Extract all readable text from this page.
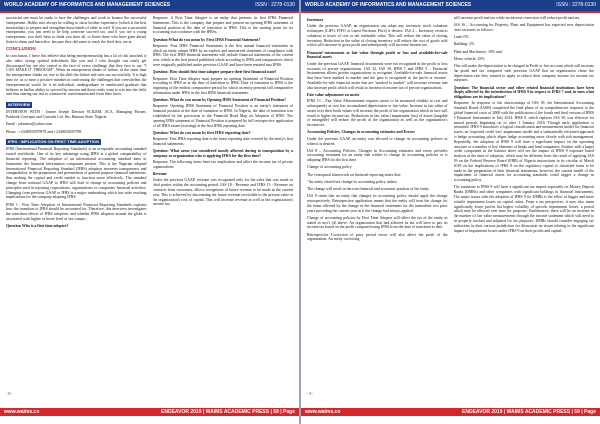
WORLD ACADEMY OF INFORMATICS AND MANAGEMENT SCIENCES	ISSN : 2278-0130

successful one must be ready to face the challenges and work to bounce the successful entrepreneur. Hobbs nice always be willing to show brother experience (which is the best mentorship) to prepare and strengthen those hands of other as well. If you are a successful entrepreneur, you just need to be help someone succeed too, and if you are a young entrepreneur, you don't have to think you have all, or listen those who have gone ahead, listen to them and learn also. because they did same to reach the level they are at.

CONCLUSION

In conclusion, I leave this believe that being entrepreneurship has a lot of risk attached, it also takes strong spirited individuals like you and I who thought can easily get discouraged but are also vested in the face of every challenge that they face to say "I CAN MAKE IT THROUGH". When an entrepreneur thinks of failure, at the same time the entrepreneur thinks on, rise to the shift the failure and ones out successfully. It is high time for us to have a positive mindset in confronting the challenges that overwhelms the entrepreneurial world, be it an individual, undergraduate or uneducated graduate that believes in his/her ability to succeed by tension and those ready want to win into the field, and thus sharing our test to whatsoever conformation and from their faces.

INTERVIEW

INTERVIEW WITH : Jonnie Joseph Dawson SCILRM, ACA, Managing Partner, Pratheek Concepts and Consults Ltd, Ibo, Haiman State, Nigeria

Email : johnnies@yahoo.com

Phone : +2348033079979 and +2348033819798

IFRS : IMPLICATION ON FIRST TIME ADOPTION

IFRS (International Financial Reporting Standards) is an acceptable accounting standard issued worldwide. One of its key advantage using IFRS is a global comparability of financial reporting. The adoption of an international accounting standard aims to harmonise the financial information companies present. This is the Nigerian adopted International Financial Reporting Standard (IFRS) adoption increases transparency and comparability in the preparation and presentation of general purpose financial statements, thus making the capital and credit market to function more effectively. The standard change from national GAAP to IFRS will lead to change in accounting policies and principles used in reporting corporations, organizations or companies' financial activities. Changing from previous GAAP to IFRS is a major undertaking which has wide reaching implications for the company adopting IFRS.

IFRS 1 : First Time Adoption of International Financial Reporting Standards explains how the transition to IFRS should be accounted for. Therefore, this interview investigates the transition effects of IFRS adoption, and whether IFRS adoption around the globe is associated with higher or lower level of tax compa...

Question Who is a first time adopter?

Response: A First Time Adopter is an entity that presents its first IFRS Financial Statements. This is the company that prepare and present an opening IFRS statement of financial position at the date of transition to IFRS. This is the starting point for its accounting in accordance with the IFRSs.

Question:What do you mean by First IFRS Financial Statement?

Response: First IFRS Financial Statements is the first annual financial statements in which an entity adopts IFRS by an explicit and unreserved statement of compliance with IFRS. The first IFRS financial statements will include financial statements of the current year, which is the first period published whole according to IFRS and comparatives which were originally published under previous GAAP, and have been restated into IFRS.

Question: How should first time adopter prepare their first financial state?

Response: First Time Adopter must prepare an opening Statement of Financial Position according to IFRS as at the date of transition to IFRS. Date of transition to IFRS is the beginning of the earliest comparative period for which an entity presents full comparative information under IFRS in the first IFRS financial statements.

Question: What do you mean by Opening IFRS Statement of Financial Position?

Response: Opening IFRS Statement of Financial Position is an entity's statement of financial position at the date of transition to IFRS. In Nigeria, the date of transition was established by the provisions to the Financial Road Map on Adoption of IFRS. The opening IFRS statement of Financial Position is prepared by full retrospective application of all IFRS extant (existing) at the first IFRS reporting date.

Question: What do you mean by first IFRS reporting date?

Response: First IFRS reporting date is the latest reporting date covered by the entity's first financial statements.

Question: What areas you considered mostly affected during to transposition by a company or organization who is applying IFRS for the first time?

Response: The following items have tax implication and affect the income tax of private organizations.

Revenue

Under the previous GAAP, revenue was recognized only for the sales that was made to third parties within the accounting period. IAS 18 - Revenue and IFRS 15 - Revenue on contracts from customers, allows recognition of future revenue to be made in the current year. This is achieved by discounting the future revenue receivable to the present value at the organization's cost of capital. This will increase revenue as well as the organization's income tax.

- 8 -
www.waims.co	ENDEAVOR 2019 | WAIMS ACADEMIC PRESS | 58 | Page
WORLD ACADEMY OF INFORMATICS AND MANAGEMENT SCIENCES	ISSN : 2278-0130

Inventory

Under the previous GAAP, an organization can adopt any inventory stock valuation techniques (LIFO, FIFO or Latest Purchase Price) it desires. IAS 2 – Inventory restricts valuation to lower of cost or net realizable value. This will reduce the value of closing inventory. Reduction in the value of closing inventory will reduce the cost of goods sold which will increase in gross profit and subsequently will increase income tax.

Financial instruments at fair value through profit or loss and available-for-sale financial assets

Under the previous GAAP, financial instruments were not recognized in the profit or loss accounts of private organizations. IAS 32, IAS 39, IFRS 7 and IFRS 9 – Financial Instruments allows private organizations to recognize 'Available-for-sale financial assets that have been marked to market and the gain is recognized in the profit or income'. Available-for-sale financial assets that are "marked to market" will increase revenue and also increase profit which will result to increase in income tax of private organizations.

Fair value adjustment on assets

IFRS 13 – Fair Value Measurement requires assets to be measured reliably at cost and subsequently at cost less accumulated depreciation or fair value. Increase in fair value of assets over their book values will increase the profit of the organization which in turn will result to higher income tax. Reductions in fair value (impairment loss) of assets (tangible or intangible) will reduce the profit of the organization as well as the organization's income tax.

Accounting Policies, Changes in accounting estimates and Errors

Under the previous GAAP, an entity was allowed to change its accounting policies as when it is desired.

IAS 8 – Accounting Policies, Changes in Accounting estimates and errors provides accounting treatment for an entity that wishes to change its accounting policies or is adopting IFRS for the first time.

Change of accounting policy

The conceptual framework on financial reporting states that:

"An entity should not change its accounting policy unless:

The change will result in the true financial and economic position of the entity.

IAS 8 states that an entity that changes its accounting policy should apply the change retrospectively. Retrospective application means that the entity will treat the change for the items affected by the change in the financial statements for the immediate two prior years preceding the current year as if the change had always applied.

Change of accounting policies by First Time Adopter will affect the tax of the entity as stated in sect's (4) above. An organization that had affected its tax will have to pay its income tax based on the profit computed using IFRS from the date of transition to date.

Retrospective Correction of prior period errors will also affect the profit of the organization. An entity correcting

will increase profit and tax while an adverse correction will reduce profit and tax.

IAS 16 – Accounting for Property, Plant and Equipment has expected new depreciation rates on assets as follows:

Land: 0%

Building: 2%

Plant and Machinery: 10% and

Motor vehicle: 25%

This will make the depreciation to be charged in Profit or loss account which will increase the profit and tax compared with previous GAAP that an organization chose the depreciation rate they wanted to apply to reduce their company income for income tax purposes.

Question: The financial sector and other related financial institutions have been deeply affected by the introduction of IFRS 9 in respect to IFRS 7 and, in turn what obligations are its implications?

Response: In response to the shortcomings of IAS 39, the International Accounting Standard Board (IASB) completed the final phase of its comprehensive response to the global financial crisis of 2008 with the publication of the fourth and final version of IFRS 9 Financial Instruments in July 2014. IFRS 9, which replaces IAS 39, was effective for annual periods beginning on or after 1 January 2018. Though early application is permitted. IFRS 9 introduces a logical classification and measurement model for financial assets, an 'expected credit loss' impairment model and a substantially reformed approach to hedge accounting which aligns hedge accounting more closely with risk management. Reportedly, the adoption of IFRS 9 will have a significant impact on the operating structure of a number of key elements of banks and fund companies. Entities with a larger credit component in the balance sheet will see the impact of IFRS 9 exposure based analysis at the time of adoption, which may be different from the result of applying IAS 39 on the Federal Reserve Board (FRB) of Nigeria instructions in its circular of March 2018 on the implications of IFRS 9 on the regulatory capital to classified loans to be made in the preparation of their financial statements, however, the current model of the impairment of financial assets for accounting standards could trigger a change in accounting policy.

The transition to IFRS 9 will have a significant tax impact especially on Money Deposit Banks (DMBs) and other companies with significant holdings in financial instruments. The major issues with the adoption of IFRS 9 for DMBs is the effect of bigger and more volatile impairment losses on capital ratios. From a tax perspective, it may also mean significantly lower profits but higher volatility of specific impairment losses, a period which may be allowed over time for purposes. Furthermore, there will be an increase in the number of fair value measurements through the income statement which will need to be properly tracked and adjusted for tax purposes. DMBs should consider engaging tax authorities in their various jurisdiction for discussion on issues relating to the significant impact of impairment losses under IFRS 9 on their profits and capital.

- 9 -
www.waims.co	ENDEAVOR 2019 | WAIMS ACADEMIC PRESS | 59 | Page
